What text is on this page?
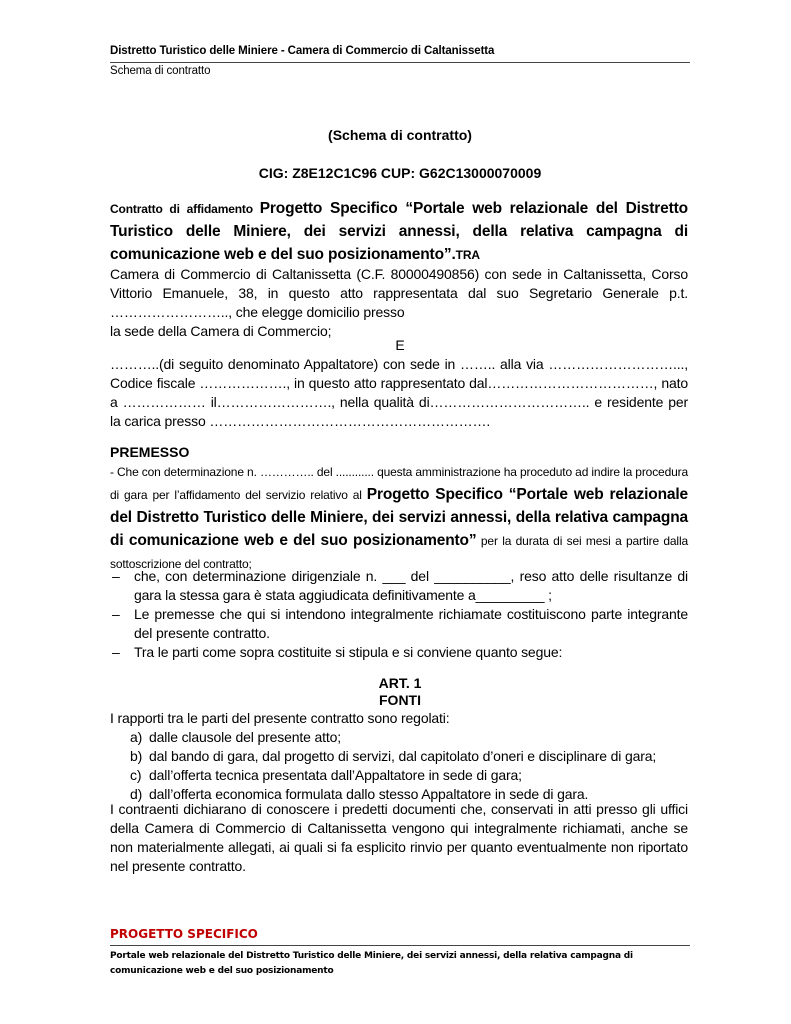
Distretto Turistico delle Miniere - Camera di Commercio di Caltanissetta
Schema di contratto
(Schema di contratto)
CIG: Z8E12C1C96 CUP: G62C13000070009
Contratto di affidamento Progetto Specifico “Portale web relazionale del Distretto Turistico delle Miniere, dei servizi annessi, della relativa campagna di comunicazione web e del suo posizionamento”.TRA
Camera di Commercio di Caltanissetta (C.F. 80000490856) con sede in Caltanissetta, Corso Vittorio Emanuele, 38, in questo atto rappresentata dal suo Segretario Generale p.t. …………………….., che elegge domicilio presso
la sede della Camera di Commercio;
E
………..(di seguito denominato Appaltatore) con sede in …….. alla via ………………………..., Codice fiscale ………………., in questo atto rappresentato dal………………………………, nato a ……………… il……………………., nella qualità di…………………………….. e residente per la carica presso …………………………………………………….
PREMESSO
- Che con determinazione n. ………….. del ............ questa amministrazione ha proceduto ad indire la procedura di gara per l’affidamento del servizio relativo al Progetto Specifico “Portale web relazionale del Distretto Turistico delle Miniere, dei servizi annessi, della relativa campagna di comunicazione web e del suo posizionamento” per la durata di sei mesi a partire dalla sottoscrizione del contratto;
– che, con determinazione dirigenziale n. ___ del __________, reso atto delle risultanze di gara la stessa gara è stata aggiudicata definitivamente a_________ ;
– Le premesse che qui si intendono integralmente richiamate costituiscono parte integrante del presente contratto.
– Tra le parti come sopra costituite si stipula e si conviene quanto segue:
ART. 1
FONTI
I rapporti tra le parti del presente contratto sono regolati:
a) dalle clausole del presente atto;
b) dal bando di gara, dal progetto di servizi, dal capitolato d’oneri e disciplinare di gara;
c) dall’offerta tecnica presentata dall’Appaltatore in sede di gara;
d) dall’offerta economica formulata dallo stesso Appaltatore in sede di gara.
I contraenti dichiarano di conoscere i predetti documenti che, conservati in atti presso gli uffici della Camera di Commercio di Caltanissetta vengono qui integralmente richiamati, anche se non materialmente allegati, ai quali si fa esplicito rinvio per quanto eventualmente non riportato nel presente contratto.
PROGETTO SPECIFICO
Portale web relazionale del Distretto Turistico delle Miniere, dei servizi annessi, della relativa campagna di comunicazione web e del suo posizionamento
